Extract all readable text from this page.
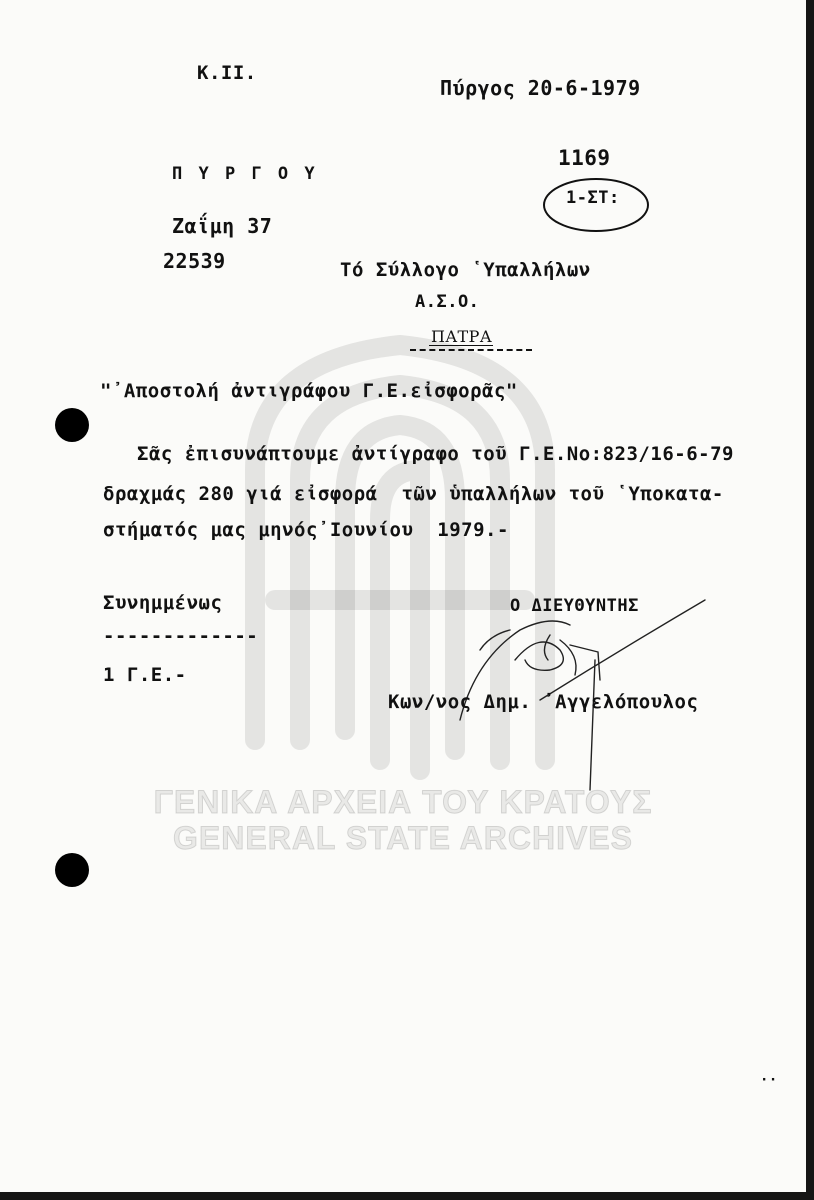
ΓΕΝΙΚΑ ΑΡΧΕΙΑ ΤΟΥ ΚΡΑΤΟΥΣ
GENERAL STATE ARCHIVES
K.II.
Πύργος 20-6-1979
1169
1-ΣΤ:
Π Υ Ρ Γ Ο Υ
Ζαΐμη 37
22539	Τό Σύλλογο ῾Υπαλλήλων
Α.Σ.Ο.
ΠΑΤΡΑ
"᾽Αποστολή ἀντιγράφου Γ.Ε.εἰσφορᾶς"
Σᾶς ἐπισυνάπτουμε ἀντίγραφο τοῦ Γ.Ε.Νο:823/16-6-79
δραχμάς 280 γιά εἰσφορά  τῶν ὑπαλλήλων τοῦ ῾Υποκατα-
στήματός μας μηνός᾽Ιουνίου  1979.-
Συνημμένως
-------------
1 Γ.Ε.-
Ο ΔΙΕΥΘΥΝΤΗΣ
Κων/νος Δημ. ᾽Αγγελόπουλος
⋅⋅
